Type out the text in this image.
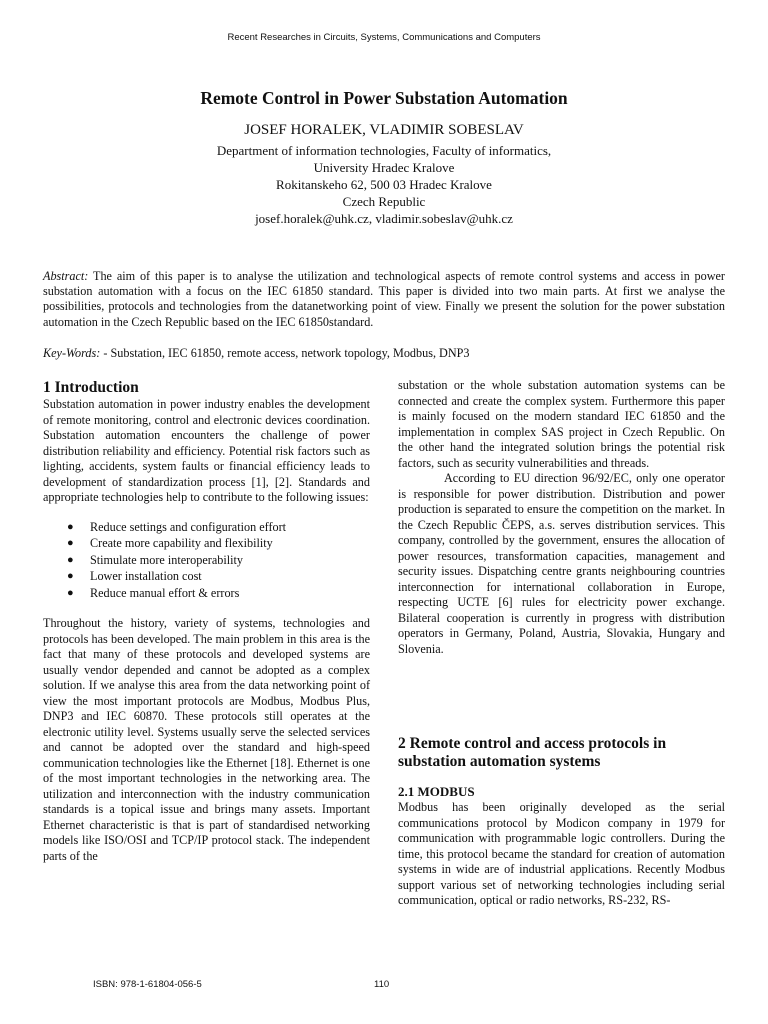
Recent Researches in Circuits, Systems, Communications and Computers
Remote Control in Power Substation Automation
JOSEF HORALEK, VLADIMIR SOBESLAV
Department of information technologies, Faculty of informatics,
University Hradec Kralove
Rokitanskeho 62, 500 03 Hradec Kralove
Czech Republic
josef.horalek@uhk.cz, vladimir.sobeslav@uhk.cz
Abstract: The aim of this paper is to analyse the utilization and technological aspects of remote control systems and access in power substation automation with a focus on the IEC 61850 standard. This paper is divided into two main parts. At first we analyse the possibilities, protocols and technologies from the datanetworking point of view. Finally we present the solution for the power substation automation in the Czech Republic based on the IEC 61850standard.
Key-Words: - Substation, IEC 61850, remote access, network topology, Modbus, DNP3
1 Introduction

Substation automation in power industry enables the development of remote monitoring, control and electronic devices coordination. Substation automation encounters the challenge of power distribution reliability and efficiency. Potential risk factors such as lighting, accidents, system faults or financial efficiency leads to development of standardization process [1], [2]. Standards and appropriate technologies help to contribute to the following issues:

● Reduce settings and configuration effort
● Create more capability and flexibility
● Stimulate more interoperability
● Lower installation cost
● Reduce manual effort & errors

Throughout the history, variety of systems, technologies and protocols has been developed. The main problem in this area is the fact that many of these protocols and developed systems are usually vendor depended and cannot be adopted as a complex solution. If we analyse this area from the data networking point of view the most important protocols are Modbus, Modbus Plus, DNP3 and IEC 60870. These protocols still operates at the electronic utility level. Systems usually serve the selected services and cannot be adopted over the standard and high-speed communication technologies like the Ethernet [18]. Ethernet is one of the most important technologies in the networking area. The utilization and interconnection with the industry communication standards is a topical issue and brings many assets. Important Ethernet characteristic is that is part of standardised networking models like ISO/OSI and TCP/IP protocol stack. The independent parts of the

substation or the whole substation automation systems can be connected and create the complex system. Furthermore this paper is mainly focused on the modern standard IEC 61850 and the implementation in complex SAS project in Czech Republic. On the other hand the integrated solution brings the potential risk factors, such as security vulnerabilities and threads.

According to EU direction 96/92/EC, only one operator is responsible for power distribution. Distribution and power production is separated to ensure the competition on the market. In the Czech Republic ČEPS, a.s. serves distribution services. This company, controlled by the government, ensures the allocation of power resources, transformation capacities, management and security issues. Dispatching centre grants neighbouring countries interconnection for international collaboration in Europe, respecting UCTE [6] rules for electricity power exchange. Bilateral cooperation is currently in progress with distribution operators in Germany, Poland, Austria, Slovakia, Hungary and Slovenia.

2 Remote control and access protocols in substation automation systems
2.1 MODBUS

Modbus has been originally developed as the serial communications protocol by Modicon company in 1979 for communication with programmable logic controllers. During the time, this protocol became the standard for creation of automation systems in wide are of industrial applications. Recently Modbus support various set of networking technologies including serial communication, optical or radio networks, RS-232, RS-

ISBN: 978-1-61804-056-5	110
